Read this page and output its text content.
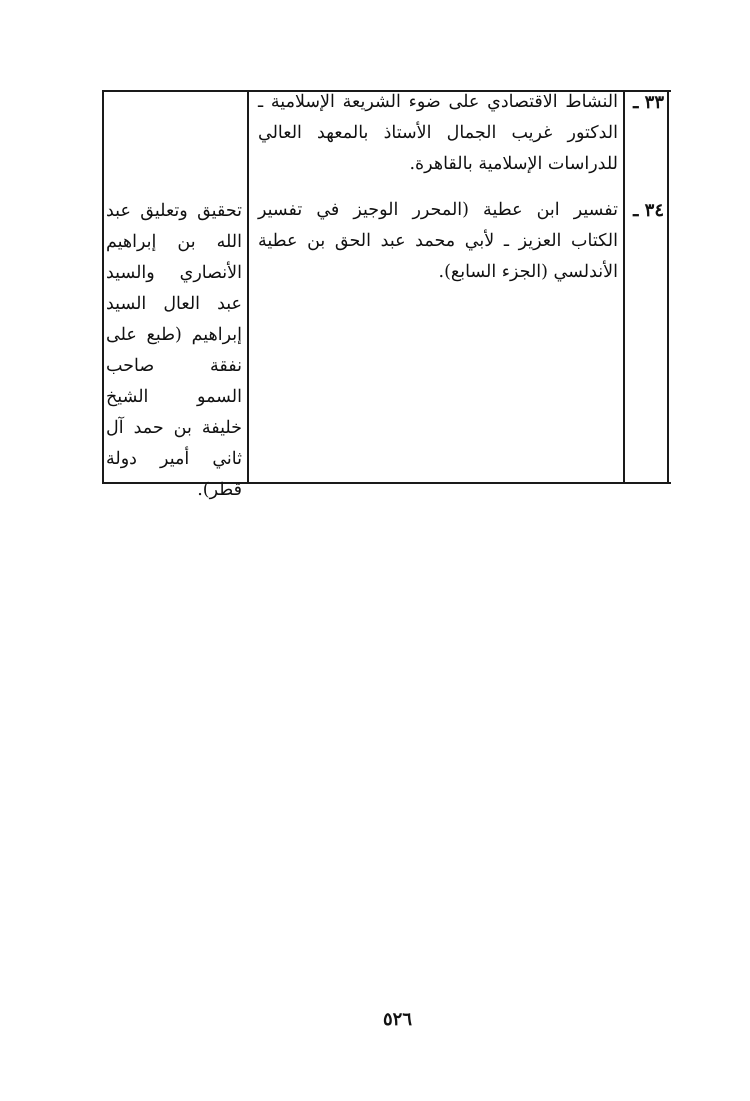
٣٣ ـ
النشاط الاقتصادي على ضوء الشريعة الإسلامية ـ الدكتور غريب الجمال الأستاذ بالمعهد العالي للدراسات الإسلامية بالقاهرة.
٣٤ ـ
تفسير ابن عطية (المحرر الوجيز في تفسير الكتاب العزيز ـ لأبي محمد عبد الحق بن عطية الأندلسي (الجزء السابع).
تحقيق وتعليق عبد الله بن إبراهيم الأنصاري والسيد عبد العال السيد إبراهيم (طبع على نفقة صاحب السمو الشيخ خليفة بن حمد آل ثاني أمير دولة قطر).
٥٢٦
